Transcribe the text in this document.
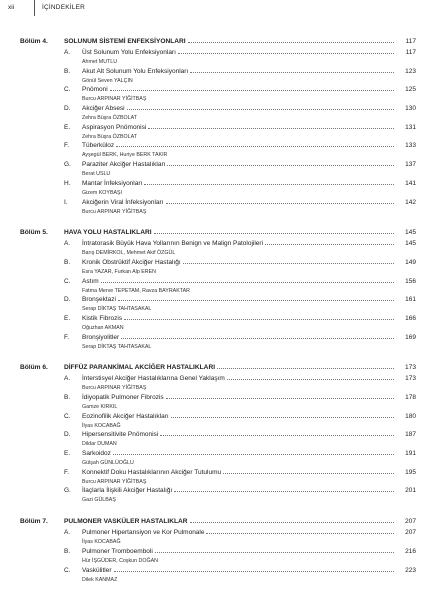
xii	İÇİNDEKİLER
Bölüm 4. SOLUNUM SİSTEMİ ENFEKSİYONLARI	117
A. Üst Solunum Yolu Enfeksiyonları	117
Ahmet MUTLU
B. Akut Alt Solunum Yolu Enfeksiyonları	123
Gönül Seven YALÇIN
C. Pnömoni	125
Burcu ARPINAR YİĞİTBAŞ
D. Akciğer Absesi	130
Zehra Büşra ÖZBOLAT
E. Aspirasyon Pnömonisi	131
Zehra Büşra ÖZBOLAT
F. Tüberküloz	133
Ayşegül BERK, Huriye BERK TAKIR
G. Paraziter Akciğer Hastalıkları	137
Berat USLU
H. Mantar İnfeksiyonları	141
Gizem KOYBAŞI
I. Akciğerin Viral İnfeksiyonları	142
Burcu ARPINAR YİĞİTBAŞ
Bölüm 5. HAVA YOLU HASTALIKLARI	145
A. İntratorasik Büyük Hava Yollarının Benign ve Malign Patolojileri	145
Barış DEMİRKOL, Mehmet Akif ÖZGÜL
B. Kronik Obstrüktif Akciğer Hastalığı	149
Esra YAZAR, Furkan Alp EREN
C. Astım	156
Fatma Merve TEPETAM, Ravza BAYRAKTAR
D. Bronşektazi	161
Serap DİKTAŞ TAHTASAKAL
E. Kistik Fibrozis	166
Oğuzhan AKMAN
F. Bronşiyolitler	169
Serap DİKTAŞ TAHTASAKAL
Bölüm 6. DİFFÜZ PARANKİMAL AKCİĞER HASTALIKLARI	173
A. İnterstisyel Akciğer Hastalıklarına Genel Yaklaşım	173
Burcu ARPINAR YİĞİTBAŞ
B. İdiyopatik Pulmoner Fibrozis	178
Gamze KIRKIL
C. Eozinofilik Akciğer Hastalıkları	180
İlyas KOCABAĞ
D. Hipersensitivite Pnömonisi	187
Dildar DUMAN
E. Sarkoidoz	191
Gülşah GÜNLÜOĞLU
F. Konnektif Doku Hastalıklarının Akciğer Tutulumu	195
Burcu ARPINAR YİĞİTBAŞ
G. İlaçlarla İlişkili Akciğer Hastalığı	201
Gazi GÜLBAŞ
Bölüm 7. PULMONER VASKÜLER HASTALIKLAR	207
A. Pulmoner Hipertansiyon ve Kor Pulmonale	207
İlyas KOCABAĞ
B. Pulmoner Tromboemboli	216
Hür İŞGÜDER, Coşkun DOĞAN
C. Vaskülitler	223
Dilek KANMAZ
